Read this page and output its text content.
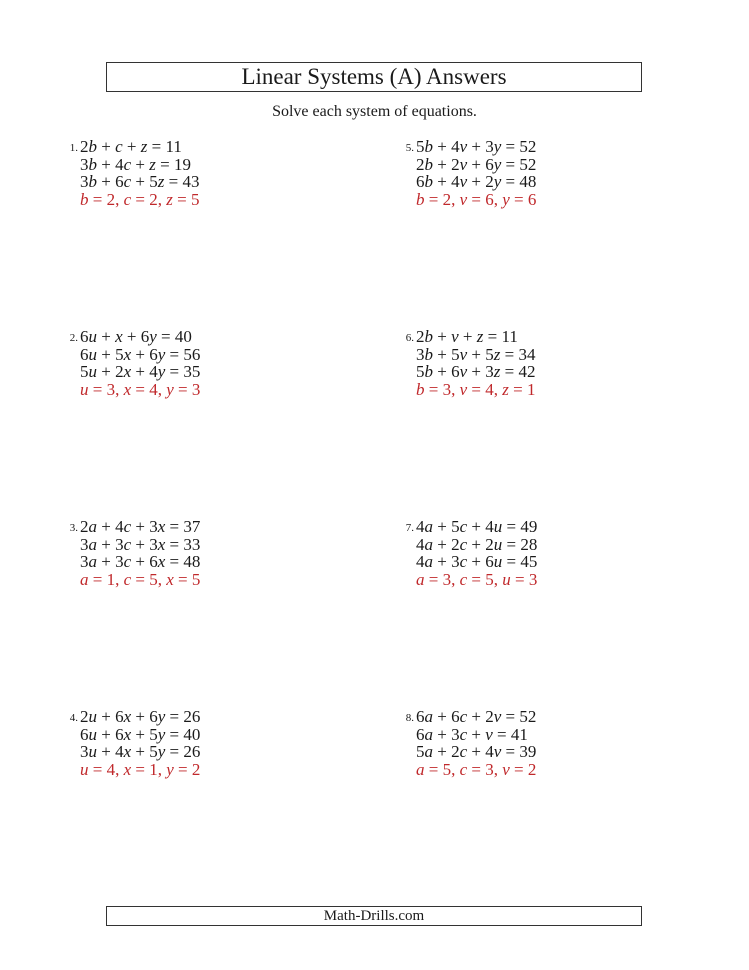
Linear Systems (A) Answers
Solve each system of equations.
1. 2b + c + z = 11
3b + 4c + z = 19
3b + 6c + 5z = 43
b = 2, c = 2, z = 5
2. 6u + x + 6y = 40
6u + 5x + 6y = 56
5u + 2x + 4y = 35
u = 3, x = 4, y = 3
3. 2a + 4c + 3x = 37
3a + 3c + 3x = 33
3a + 3c + 6x = 48
a = 1, c = 5, x = 5
4. 2u + 6x + 6y = 26
6u + 6x + 5y = 40
3u + 4x + 5y = 26
u = 4, x = 1, y = 2
5. 5b + 4v + 3y = 52
2b + 2v + 6y = 52
6b + 4v + 2y = 48
b = 2, v = 6, y = 6
6. 2b + v + z = 11
3b + 5v + 5z = 34
5b + 6v + 3z = 42
b = 3, v = 4, z = 1
7. 4a + 5c + 4u = 49
4a + 2c + 2u = 28
4a + 3c + 6u = 45
a = 3, c = 5, u = 3
8. 6a + 6c + 2v = 52
6a + 3c + v = 41
5a + 2c + 4v = 39
a = 5, c = 3, v = 2
Math-Drills.com
